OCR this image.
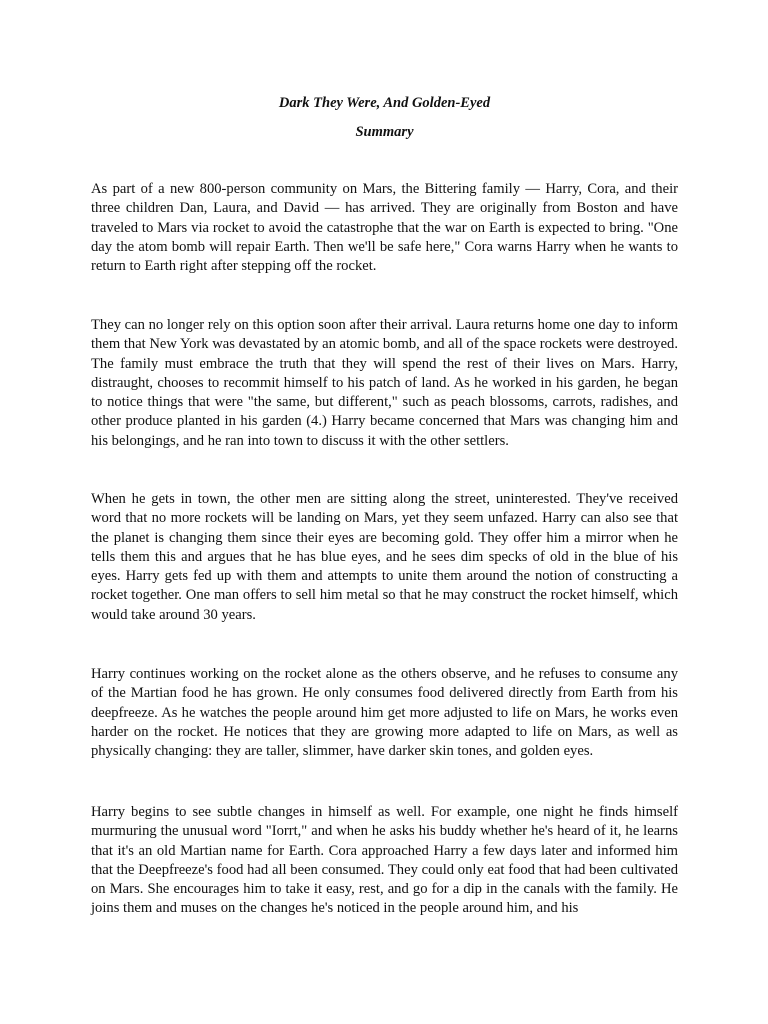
Dark They Were, And Golden-Eyed
Summary

As part of a new 800-person community on Mars, the Bittering family — Harry, Cora, and their three children Dan, Laura, and David — has arrived. They are originally from Boston and have traveled to Mars via rocket to avoid the catastrophe that the war on Earth is expected to bring. "One day the atom bomb will repair Earth. Then we'll be safe here," Cora warns Harry when he wants to return to Earth right after stepping off the rocket.

They can no longer rely on this option soon after their arrival. Laura returns home one day to inform them that New York was devastated by an atomic bomb, and all of the space rockets were destroyed. The family must embrace the truth that they will spend the rest of their lives on Mars. Harry, distraught, chooses to recommit himself to his patch of land. As he worked in his garden, he began to notice things that were "the same, but different," such as peach blossoms, carrots, radishes, and other produce planted in his garden (4.) Harry became concerned that Mars was changing him and his belongings, and he ran into town to discuss it with the other settlers.

When he gets in town, the other men are sitting along the street, uninterested. They've received word that no more rockets will be landing on Mars, yet they seem unfazed. Harry can also see that the planet is changing them since their eyes are becoming gold. They offer him a mirror when he tells them this and argues that he has blue eyes, and he sees dim specks of old in the blue of his eyes. Harry gets fed up with them and attempts to unite them around the notion of constructing a rocket together. One man offers to sell him metal so that he may construct the rocket himself, which would take around 30 years.

Harry continues working on the rocket alone as the others observe, and he refuses to consume any of the Martian food he has grown. He only consumes food delivered directly from Earth from his deepfreeze. As he watches the people around him get more adjusted to life on Mars, he works even harder on the rocket. He notices that they are growing more adapted to life on Mars, as well as physically changing: they are taller, slimmer, have darker skin tones, and golden eyes.

Harry begins to see subtle changes in himself as well. For example, one night he finds himself murmuring the unusual word "Iorrt," and when he asks his buddy whether he's heard of it, he learns that it's an old Martian name for Earth. Cora approached Harry a few days later and informed him that the Deepfreeze's food had all been consumed. They could only eat food that had been cultivated on Mars. She encourages him to take it easy, rest, and go for a dip in the canals with the family. He joins them and muses on the changes he's noticed in the people around him, and his
